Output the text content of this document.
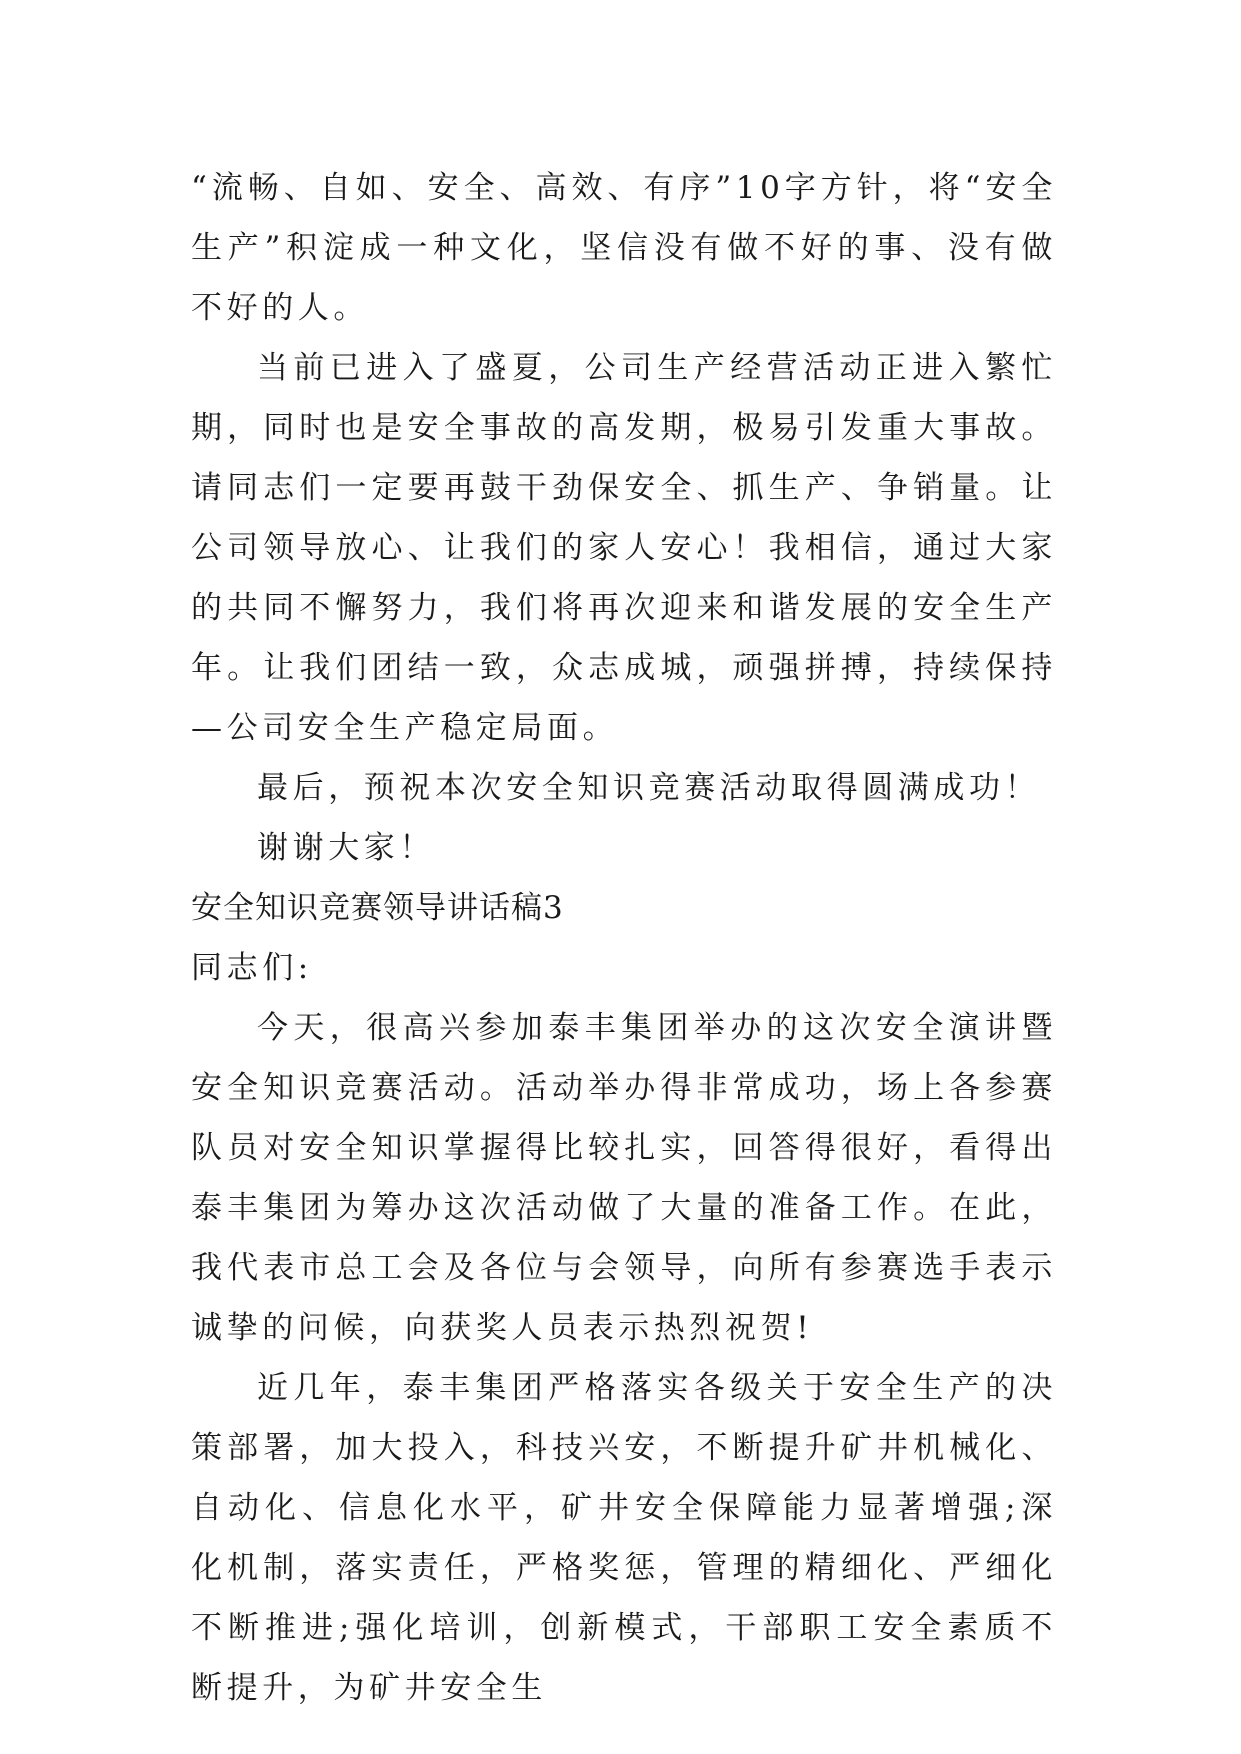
“流畅、自如、安全、高效、有序”10字方针，将“安全生产”积淀成一种文化，坚信没有做不好的事、没有做不好的人。

当前已进入了盛夏，公司生产经营活动正进入繁忙期，同时也是安全事故的高发期，极易引发重大事故。请同志们一定要再鼓干劲保安全、抓生产、争销量。让公司领导放心、让我们的家人安心！我相信，通过大家的共同不懈努力，我们将再次迎来和谐发展的安全生产年。让我们团结一致，众志成城，顽强拼搏，持续保持—公司安全生产稳定局面。

最后，预祝本次安全知识竞赛活动取得圆满成功！

谢谢大家！

安全知识竞赛领导讲话稿3

同志们:

今天，很高兴参加泰丰集团举办的这次安全演讲暨安全知识竞赛活动。活动举办得非常成功，场上各参赛队员对安全知识掌握得比较扎实，回答得很好，看得出泰丰集团为筹办这次活动做了大量的准备工作。在此，我代表市总工会及各位与会领导，向所有参赛选手表示诚挚的问候，向获奖人员表示热烈祝贺!

近几年，泰丰集团严格落实各级关于安全生产的决策部署，加大投入，科技兴安，不断提升矿井机械化、自动化、信息化水平，矿井安全保障能力显著增强;深化机制，落实责任，严格奖惩，管理的精细化、严细化不断推进;强化培训，创新模式，干部职工安全素质不断提升，为矿井安全生
